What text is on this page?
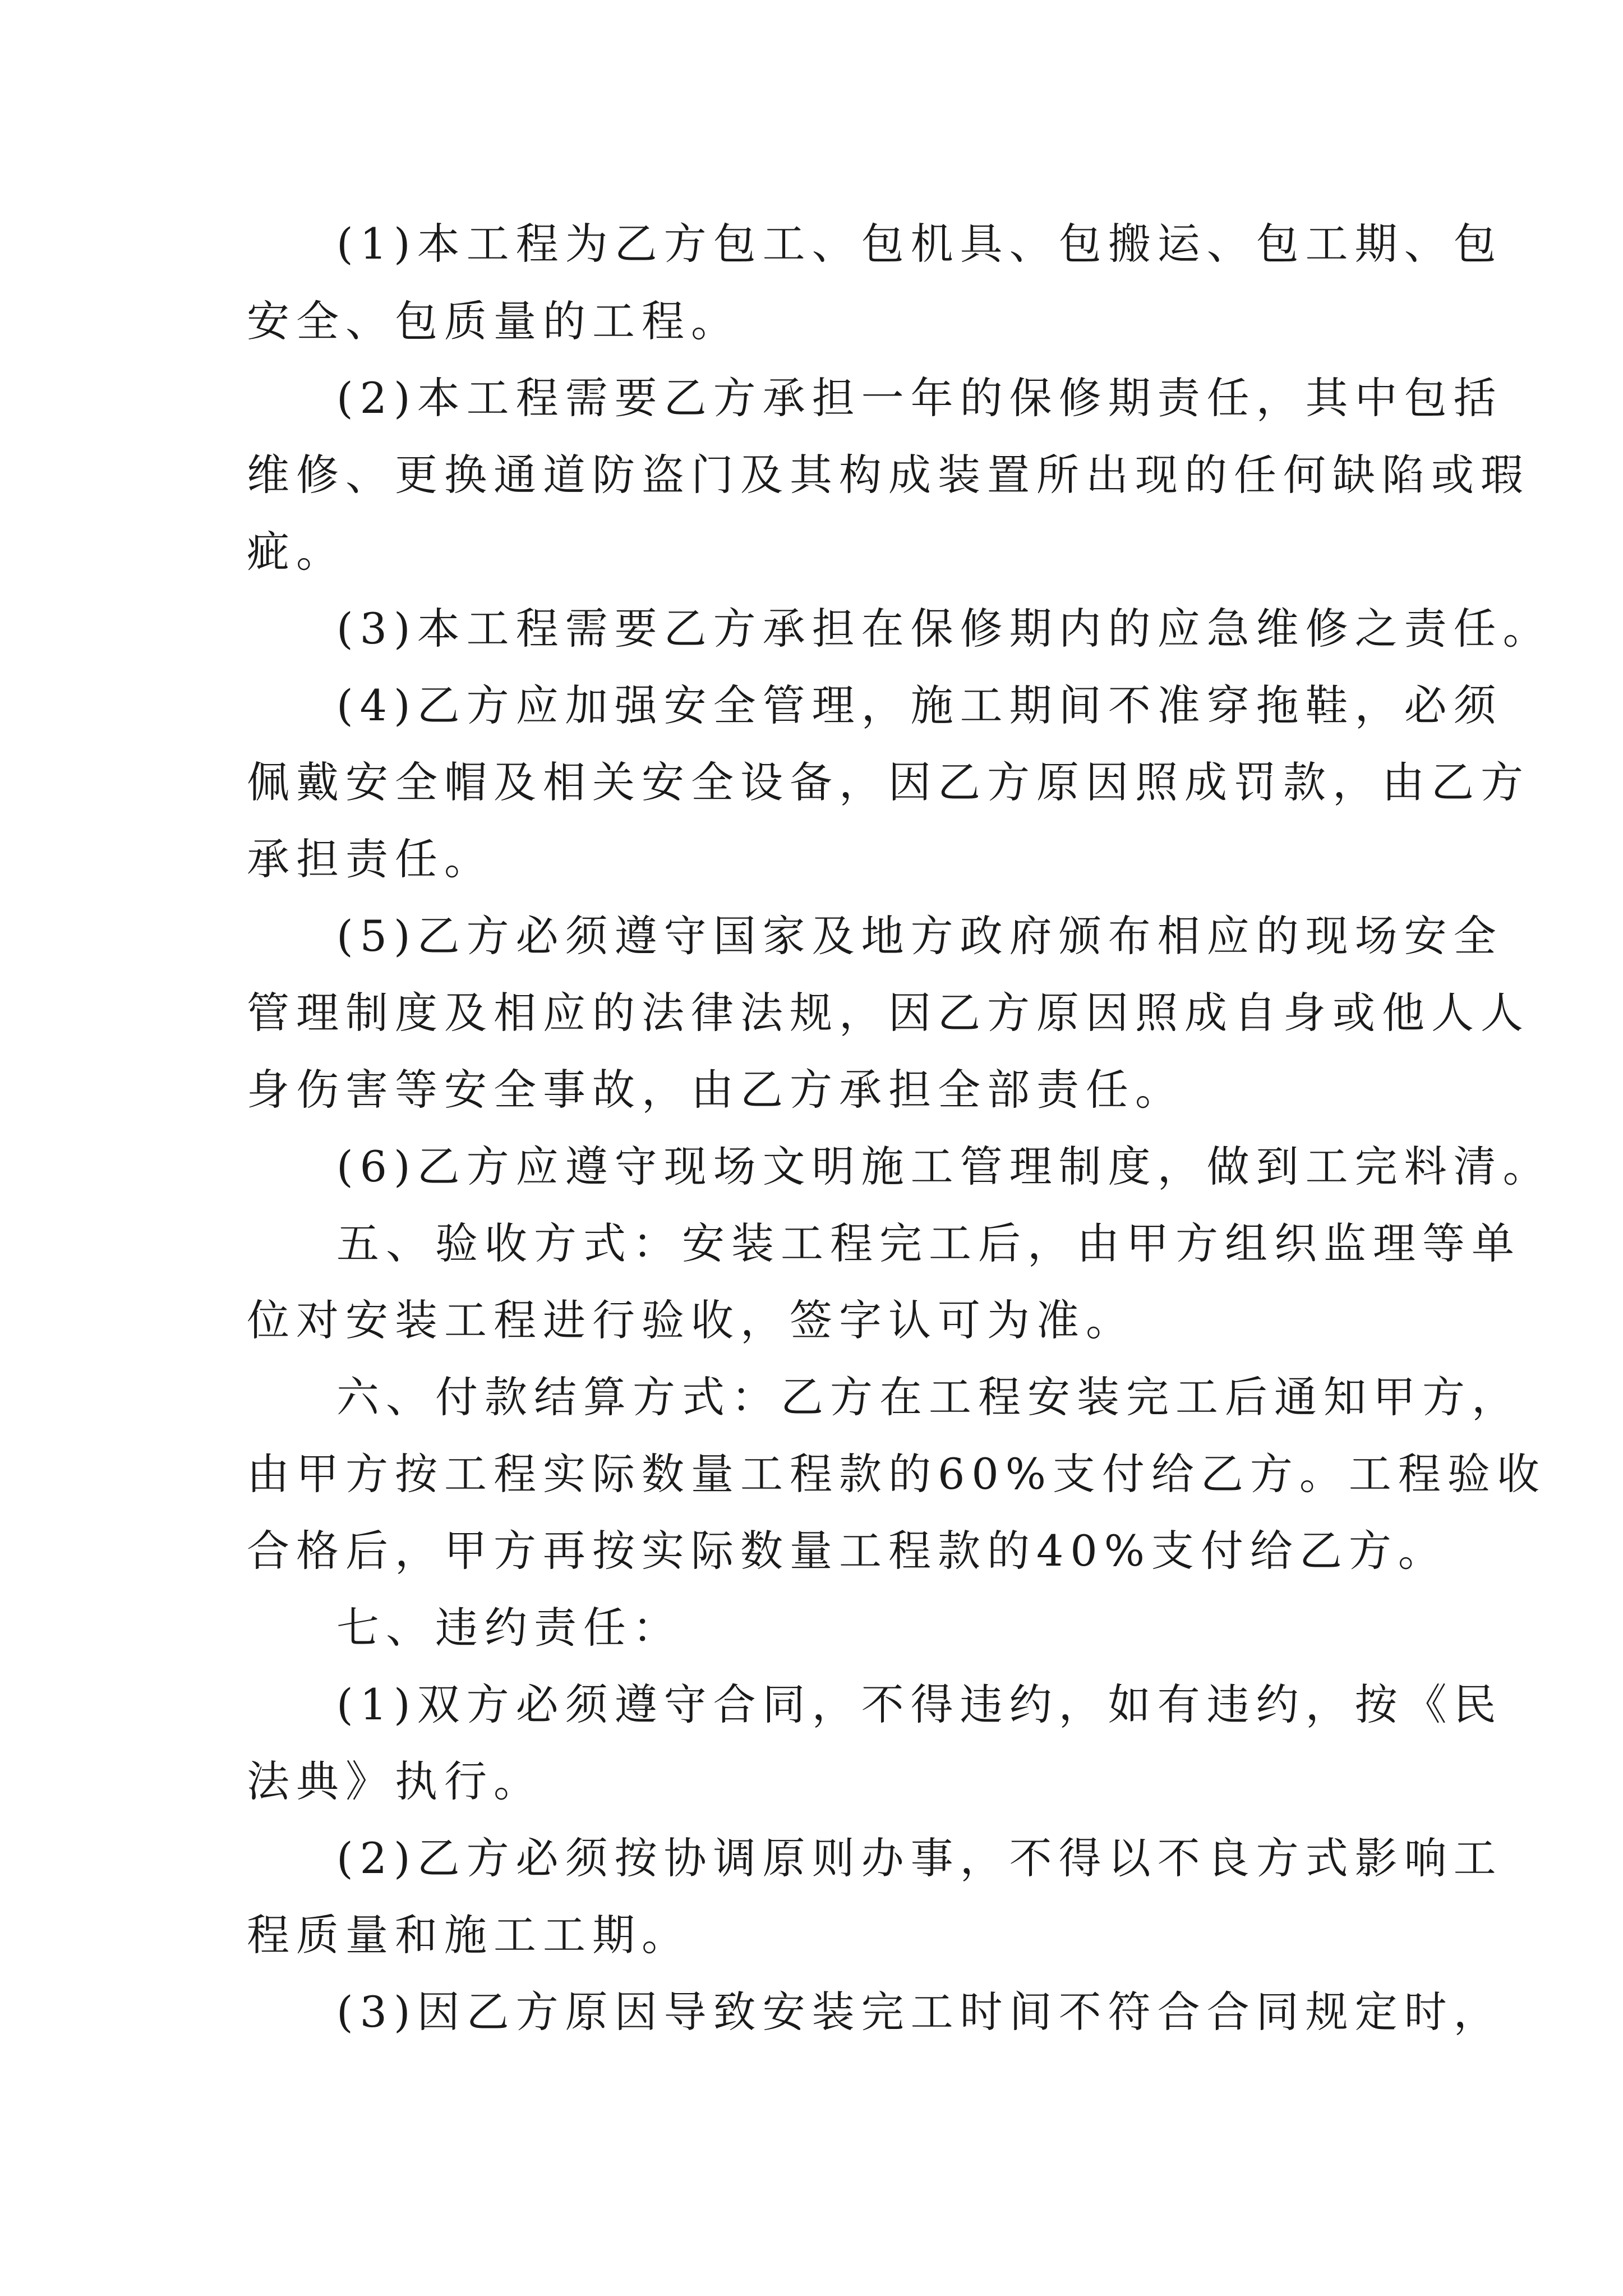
(1)本工程为乙方包工、包机具、包搬运、包工期、包
安全、包质量的工程。
(2)本工程需要乙方承担一年的保修期责任，其中包括
维修、更换通道防盗门及其构成装置所出现的任何缺陷或瑕
疵。
(3)本工程需要乙方承担在保修期内的应急维修之责任。
(4)乙方应加强安全管理，施工期间不准穿拖鞋，必须
佩戴安全帽及相关安全设备，因乙方原因照成罚款，由乙方
承担责任。
(5)乙方必须遵守国家及地方政府颁布相应的现场安全
管理制度及相应的法律法规，因乙方原因照成自身或他人人
身伤害等安全事故，由乙方承担全部责任。
(6)乙方应遵守现场文明施工管理制度，做到工完料清。
五、验收方式：安装工程完工后，由甲方组织监理等单
位对安装工程进行验收，签字认可为准。
六、付款结算方式：乙方在工程安装完工后通知甲方，
由甲方按工程实际数量工程款的60%支付给乙方。工程验收
合格后，甲方再按实际数量工程款的40%支付给乙方。
七、违约责任：
(1)双方必须遵守合同，不得违约，如有违约，按《民
法典》执行。
(2)乙方必须按协调原则办事，不得以不良方式影响工
程质量和施工工期。
(3)因乙方原因导致安装完工时间不符合合同规定时，
